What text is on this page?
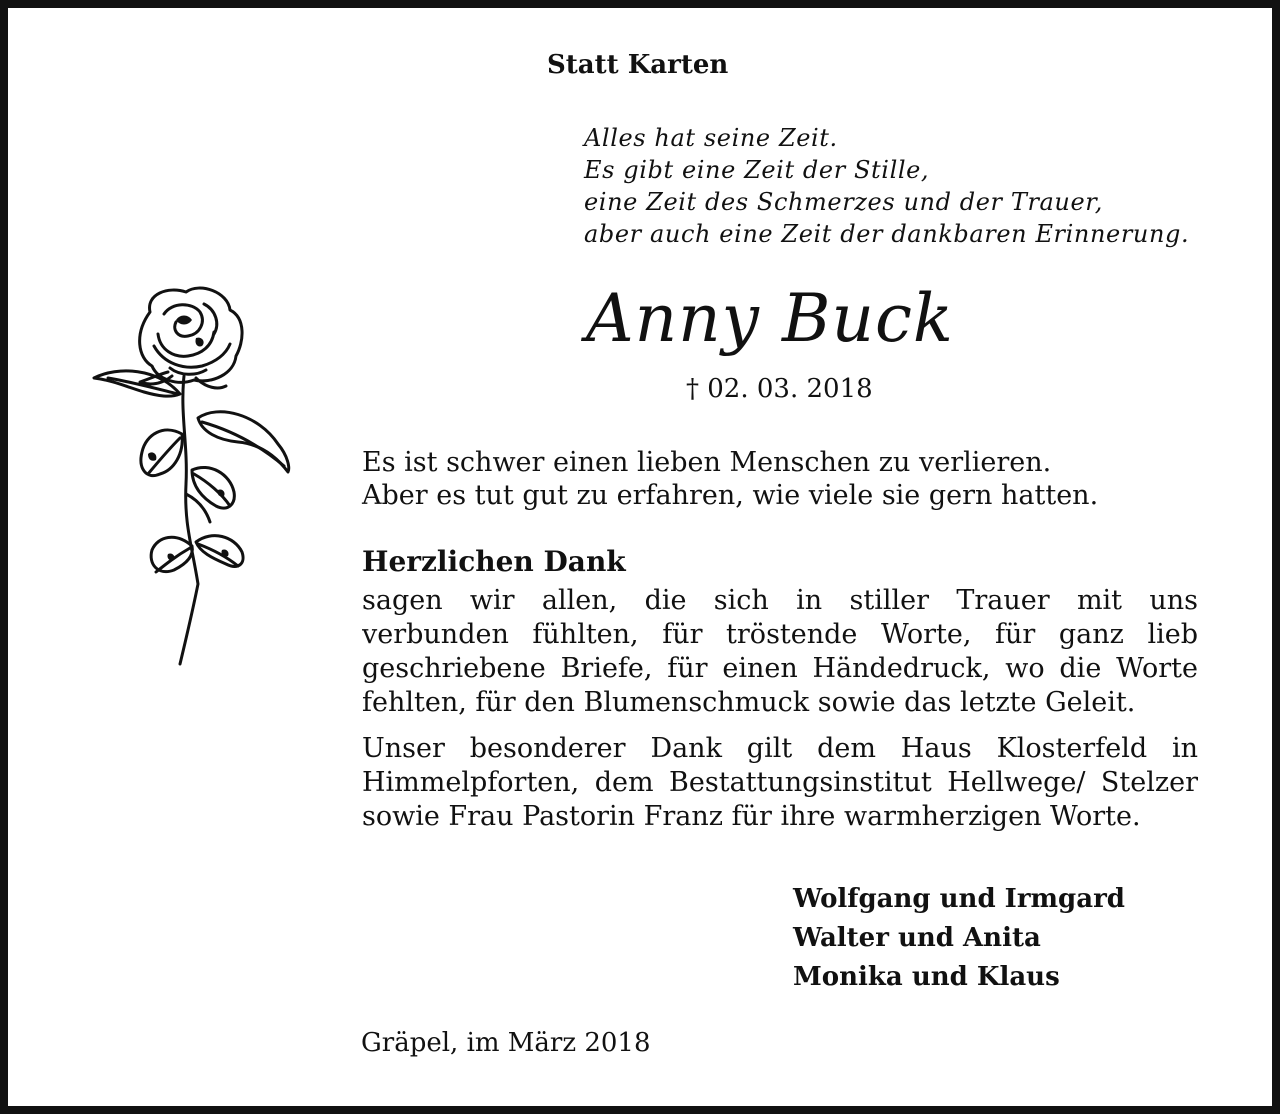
Statt Karten
Alles hat seine Zeit.
Es gibt eine Zeit der Stille,
eine Zeit des Schmerzes und der Trauer,
aber auch eine Zeit der dankbaren Erinnerung.
Anny Buck
† 02. 03. 2018
Es ist schwer einen lieben Menschen zu verlieren.
Aber es tut gut zu erfahren, wie viele sie gern hatten.
Herzlichen Dank
sagen wir allen, die sich in stiller Trauer mit uns
verbunden fühlten, für tröstende Worte, für ganz lieb
geschriebene Briefe, für einen Händedruck, wo die Worte
fehlten, für den Blumenschmuck sowie das letzte Geleit.
Unser besonderer Dank gilt dem Haus Klosterfeld in
Himmelpforten, dem Bestattungsinstitut Hellwege/ Stelzer
sowie Frau Pastorin Franz für ihre warmherzigen Worte.
Wolfgang und Irmgard
Walter und Anita
Monika und Klaus
Gräpel, im März 2018
